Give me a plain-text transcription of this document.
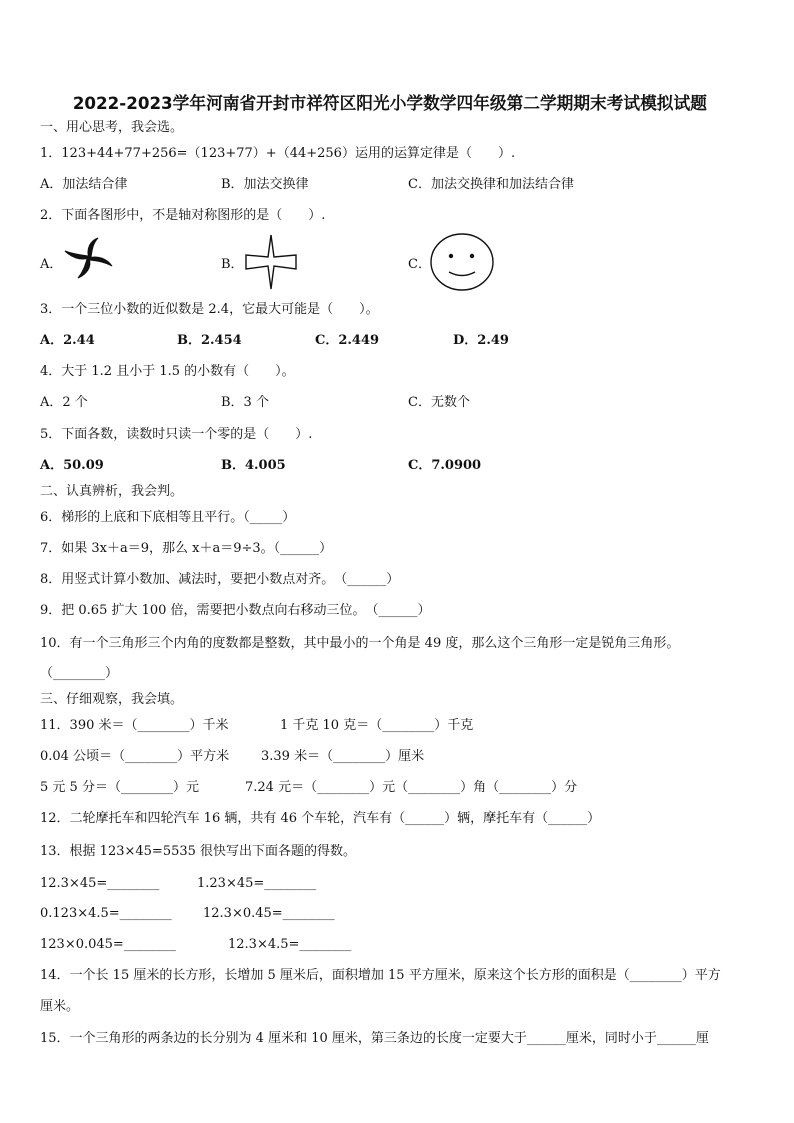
2022-2023学年河南省开封市祥符区阳光小学数学四年级第二学期期末考试模拟试题
一、用心思考，我会选。
1．123+44+77+256=（123+77）+（44+256）运用的运算定律是（　　）.
A．加法结合律	B．加法交换律	C．加法交换律和加法结合律
2．下面各图形中，不是轴对称图形的是（　　）.
A．	B．	C．
3．一个三位小数的近似数是 2.4，它最大可能是（　　）。
A．2.44	B．2.454	C．2.449	D．2.49
4．大于 1.2 且小于 1.5 的小数有（　　）。
A．2 个	B．3 个	C．无数个
5．下面各数，读数时只读一个零的是（　　）.
A．50.09	B．4.005	C．7.0900
二、认真辨析，我会判。
6．梯形的上底和下底相等且平行。（_____）
7．如果 3x＋a＝9，那么 x＋a＝9÷3。（______）
8．用竖式计算小数加、减法时，要把小数点对齐。　（______）
9．把 0.65 扩大 100 倍，需要把小数点向右移动三位。　（______）
10．有一个三角形三个内角的度数都是整数，其中最小的一个角是 49 度，那么这个三角形一定是锐角三角形。
（________）
三、仔细观察，我会填。
11．390 米＝（________）千米	1 千克 10 克＝（________）千克
0.04 公顷＝（________）平方米 3.39 米＝（________）厘米
5 元 5 分＝（________）元	7.24 元＝（________）元（________）角（________）分
12．二轮摩托车和四轮汽车 16 辆，共有 46 个车轮，汽车有（______）辆，摩托车有（______）
13．根据 123×45=5535 很快写出下面各题的得数。
12.3×45=________	1.23×45=________
0.123×4.5=________ 12.3×0.45=________
123×0.045=________	12.3×4.5=________
14．一个长 15 厘米的长方形，长增加 5 厘米后，面积增加 15 平方厘米，原来这个长方形的面积是（________）平方
厘米。
15．一个三角形的两条边的长分别为 4 厘米和 10 厘米，第三条边的长度一定要大于______厘米，同时小于______厘
